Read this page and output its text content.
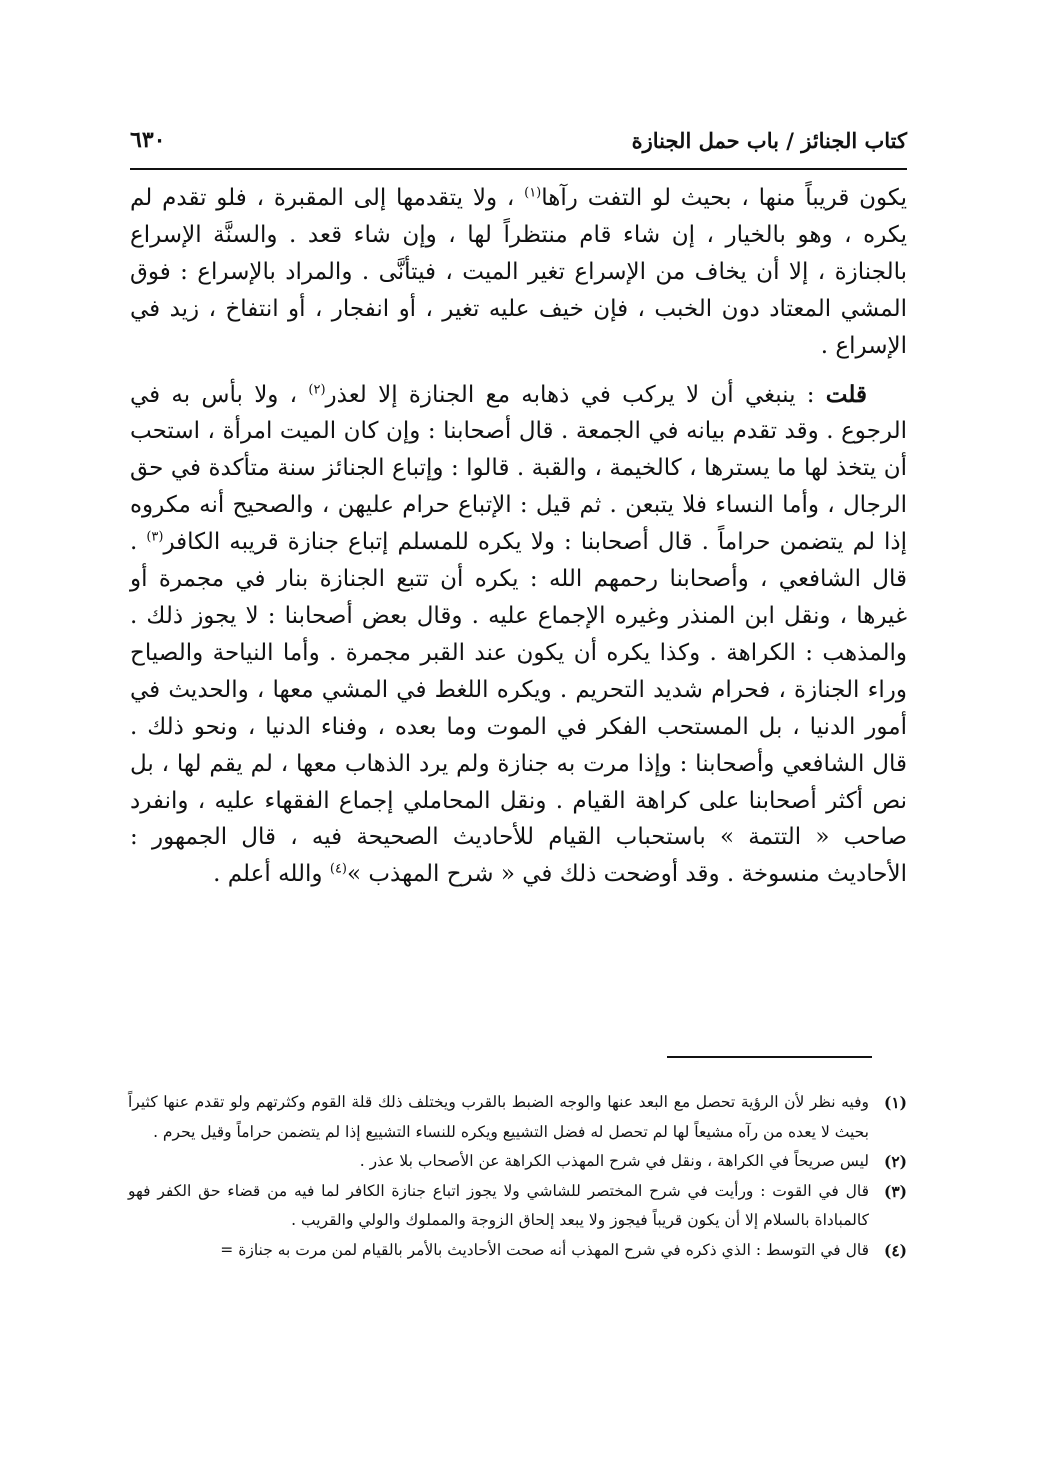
كتاب الجنائز / باب حمل الجنازة
٦٣٠

يكون قريباً منها ، بحيث لو التفت رآها$^{(١)}$ ، ولا يتقدمها إلى المقبرة ، فلو تقدم لم يكره ، وهو بالخيار ، إن شاء قام منتظراً لها ، وإن شاء قعد . والسنَّة الإسراع بالجنازة ، إلا أن يخاف من الإسراع تغير الميت ، فيتأنَّى . والمراد بالإسراع : فوق المشي المعتاد دون الخبب ، فإن خيف عليه تغير ، أو انفجار ، أو انتفاخ ، زيد في الإسراع .

قلت : ينبغي أن لا يركب في ذهابه مع الجنازة إلا لعذر$^{(٢)}$ ، ولا بأس به في الرجوع . وقد تقدم بيانه في الجمعة . قال أصحابنا : وإن كان الميت امرأة ، استحب أن يتخذ لها ما يسترها ، كالخيمة ، والقبة . قالوا : وإتباع الجنائز سنة متأكدة في حق الرجال ، وأما النساء فلا يتبعن . ثم قيل : الإتباع حرام عليهن ، والصحيح أنه مكروه إذا لم يتضمن حراماً . قال أصحابنا : ولا يكره للمسلم إتباع جنازة قريبه الكافر$^{(٣)}$ . قال الشافعي ، وأصحابنا رحمهم الله : يكره أن تتبع الجنازة بنار في مجمرة أو غيرها ، ونقل ابن المنذر وغيره الإجماع عليه . وقال بعض أصحابنا : لا يجوز ذلك . والمذهب : الكراهة . وكذا يكره أن يكون عند القبر مجمرة . وأما النياحة والصياح وراء الجنازة ، فحرام شديد التحريم . ويكره اللغط في المشي معها ، والحديث في أمور الدنيا ، بل المستحب الفكر في الموت وما بعده ، وفناء الدنيا ، ونحو ذلك . قال الشافعي وأصحابنا : وإذا مرت به جنازة ولم يرد الذهاب معها ، لم يقم لها ، بل نص أكثر أصحابنا على كراهة القيام . ونقل المحاملي إجماع الفقهاء عليه ، وانفرد صاحب « التتمة » باستحباب القيام للأحاديث الصحيحة فيه ، قال الجمهور : الأحاديث منسوخة . وقد أوضحت ذلك في « شرح المهذب »$^{(٤)}$ والله أعلم .

(١)
وفيه نظر لأن الرؤية تحصل مع البعد عنها والوجه الضبط بالقرب ويختلف ذلك قلة القوم وكثرتهم ولو تقدم عنها كثيراً بحيث لا يعده من رآه مشيعاً لها لم تحصل له فضل التشييع ويكره للنساء التشييع إذا لم يتضمن حراماً وقيل يحرم .
(٢)
ليس صريحاً في الكراهة ، ونقل في شرح المهذب الكراهة عن الأصحاب بلا عذر .
(٣)
قال في القوت : ورأيت في شرح المختصر للشاشي ولا يجوز اتباع جنازة الكافر لما فيه من قضاء حق الكفر فهو كالمباداة بالسلام إلا أن يكون قريباً فيجوز ولا يبعد إلحاق الزوجة والمملوك والولي والقريب .
(٤)
قال في التوسط : الذي ذكره في شرح المهذب أنه صحت الأحاديث بالأمر بالقيام لمن مرت به جنازة =
